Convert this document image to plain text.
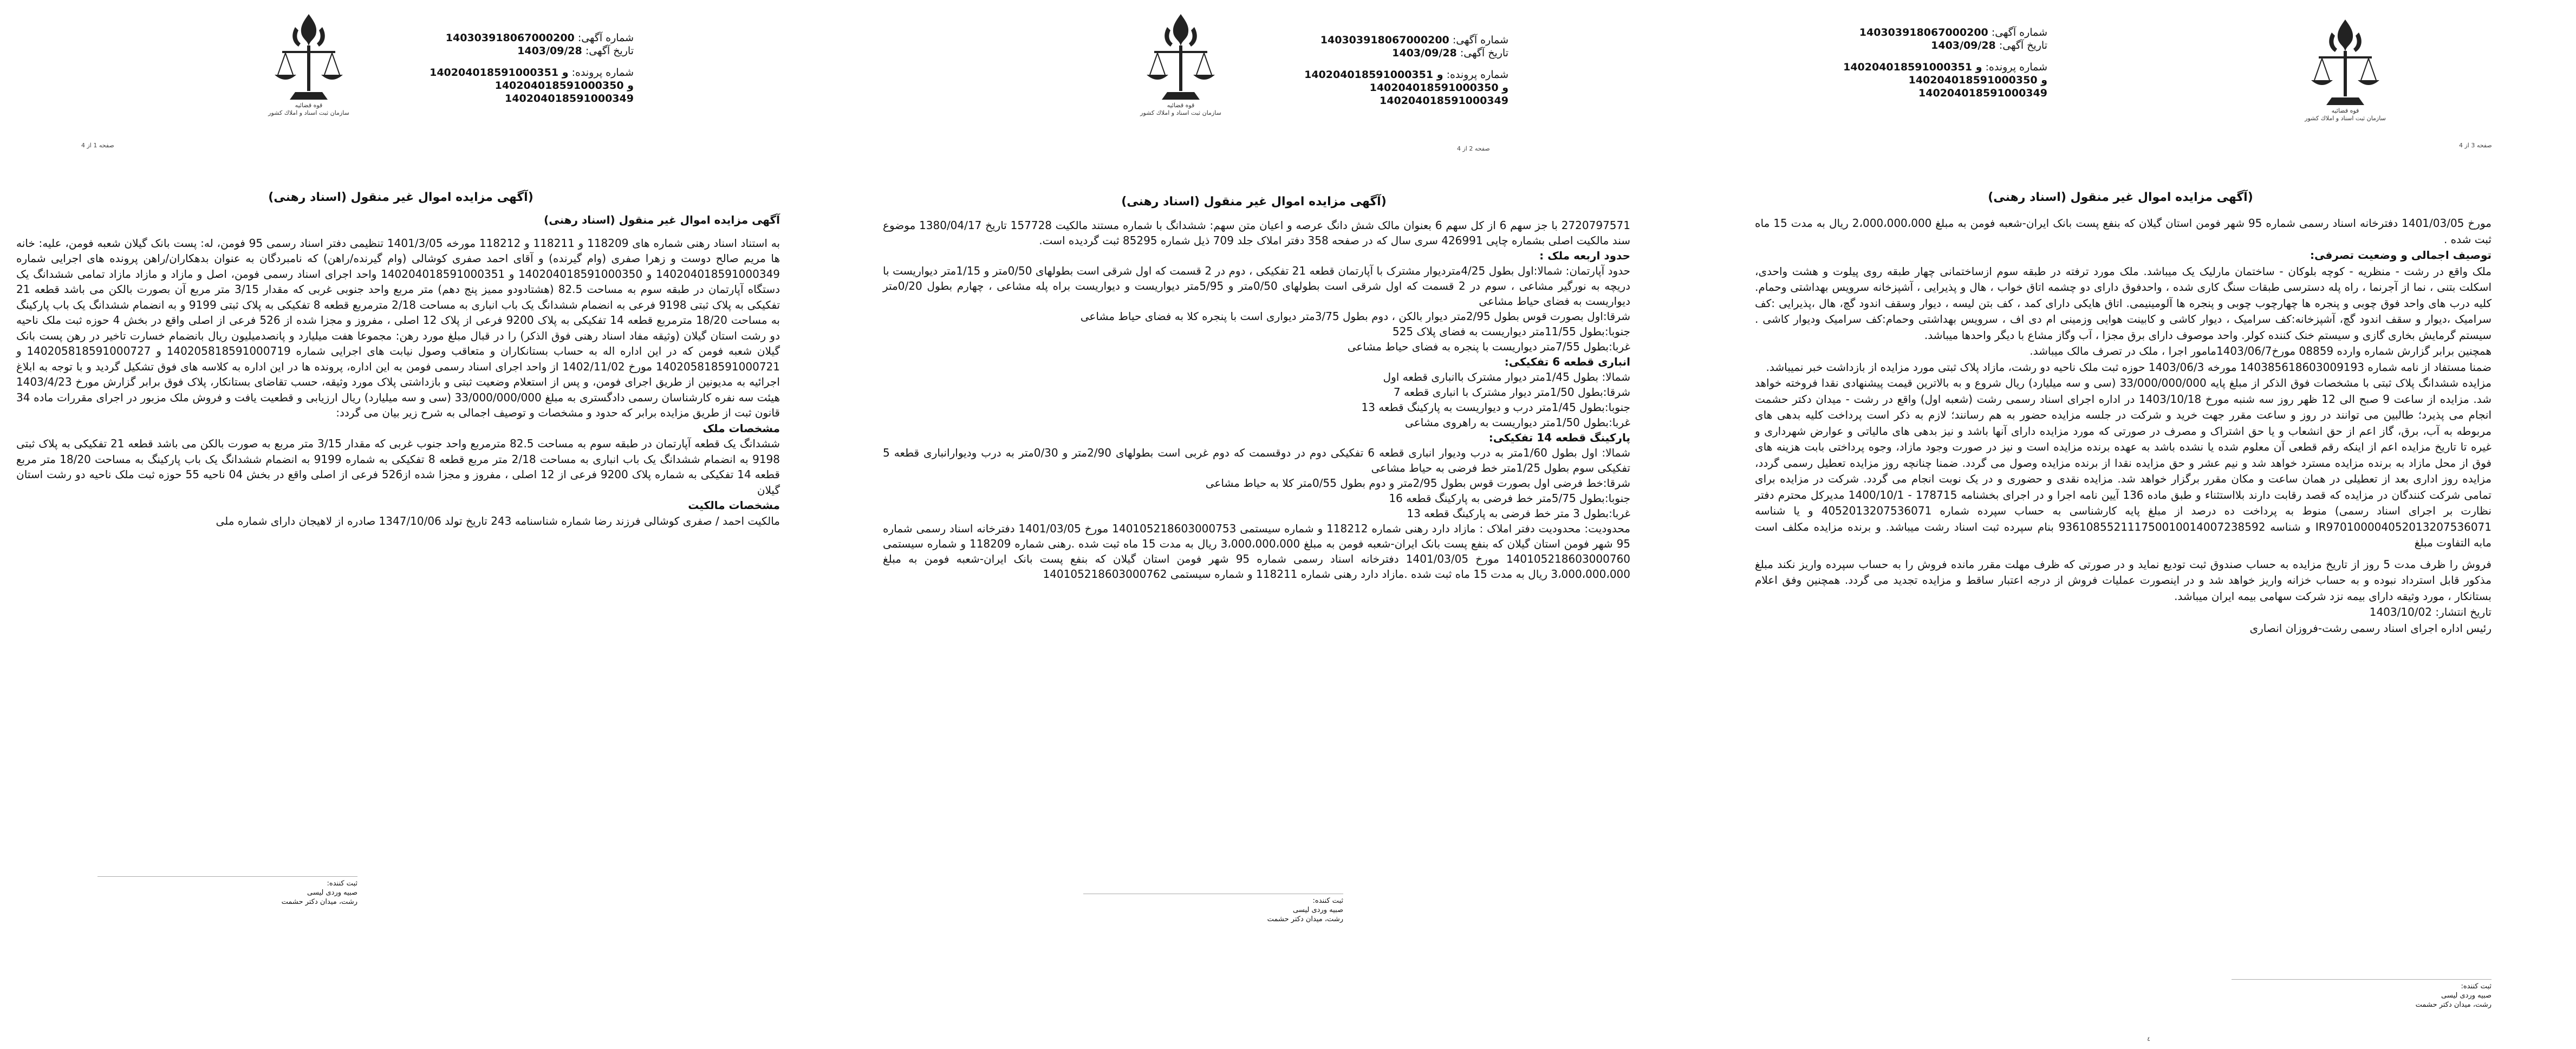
قوه قضائيه
سازمان ثبت اسناد و املاك كشور
شماره آگهی: 140303918067000200
تاریخ آگهی: 1403/09/28
شماره پرونده: 140204018591000351 و
140204018591000350 و
140204018591000349
صفحه 3 از 4
(آگهی مزایده اموال غیر منقول (اسناد رهنی)

مورخ 1401/03/05 دفترخانه اسناد رسمی شماره 95 شهر فومن استان گیلان که بنفع پست بانک ایران-شعبه فومن به مبلغ 2،000،000،000 ریال به مدت 15 ماه ثبت شده .

توصیف اجمالی و وضعیت تصرفی:

ملک واقع در رشت - منظریه - کوچه بلوکان - ساختمان مارلیک یک میباشد. ملک مورد ترفته در طبقه سوم ازساختمانی چهار طبقه روی پیلوت و هشت واحدی، اسکلت بتنی ، نما از آجرنما ، راه پله دسترسی طبقات سنگ کاری شده ، واحدفوق دارای دو چشمه اتاق خواب ، هال و پذیرایی ، آشپزخانه سرویس بهداشتی وحمام. کلیه درب های واحد فوق چوبی و پنجره ها چهارچوب چوبی و پنجره ها آلومینیمی. اتاق هایکی دارای کمد ، کف بتن لیسه ، دیوار وسقف اندود گچ، هال ،پذیرایی :کف سرامیک ،دیوار و سقف اندود گچ، آشپزخانه:کف سرامیک ، دیوار کاشی و کابینت هوایی وزمینی ام دی اف ، سرویس بهداشتی وحمام:کف سرامیک ودیوار کاشی . سیستم گرمایش بخاری گازی و سیستم خنک کننده کولر. واحد موصوف دارای برق مجزا ، آب وگاز مشاع با دیگر واحدها میباشد.

همچنین برابر گزارش شماره وارده 08859 مورخ1403/06/7مامور اجرا ، ملک در تصرف مالک میباشد.

ضمنا مستفاد از نامه شماره 140385618603009193 مورخه 1403/06/3 حوزه ثبت ملک ناحیه دو رشت، مازاد پلاک ثبتی مورد مزایده از بازداشت خبر نمیباشد.

مزایده ششدانگ پلاک ثبتی با مشخصات فوق الذکر از مبلغ پایه 33/000/000/000 (سی و سه میلیارد) ریال شروع و به بالاترین قیمت پیشنهادی نقدا فروخته خواهد شد. مزایده از ساعت 9 صبح الی 12 ظهر روز سه شنبه مورخ 1403/10/18 در اداره اجرای اسناد رسمی رشت (شعبه اول) واقع در رشت - میدان دکتر حشمت انجام می پذیرد؛ طالبین می توانند در روز و ساعت مقرر جهت خرید و شرکت در جلسه مزایده حضور به هم رسانند؛ لازم به ذکر است پرداخت کلیه بدهی های مربوطه به آب، برق، گاز اعم از حق انشعاب و یا حق اشتراک و مصرف در صورتی که مورد مزایده دارای آنها باشد و نیز بدهی های مالیاتی و عوارض شهرداری و غیره تا تاریخ مزایده اعم از اینکه رقم قطعی آن معلوم شده یا نشده باشد به عهده برنده مزایده است و نیز در صورت وجود مازاد، وجوه پرداختی بابت هزینه های فوق از محل مازاد به برنده مزایده مسترد خواهد شد و نیم عشر و حق مزایده نقدا از برنده مزایده وصول می گردد. ضمنا چنانچه روز مزایده تعطیل رسمی گردد، مزایده روز اداری بعد از تعطیلی در همان ساعت و مکان مقرر برگزار خواهد شد. مزایده نقدی و حضوری و در یک نوبت انجام می گردد. شرکت در مزایده برای تمامی شرکت کنندگان در مزایده که قصد رقابت دارند بلااستثناء و طبق ماده 136 آیین نامه اجرا و در اجرای بخشنامه 178715 - 1400/10/1 مدیرکل محترم دفتر نظارت بر اجرای اسناد رسمی) منوط به پرداخت ده درصد از مبلغ پایه کارشناسی به حساب سپرده شماره 4052013207536071 و یا شناسه IR970100004052013207536071 و شناسه 936108552111750010014007238592 بنام سپرده ثبت اسناد رشت میباشد. و برنده مزایده مکلف است مابه التفاوت مبلغ

فروش را ظرف مدت 5 روز از تاریخ مزایده به حساب صندوق ثبت تودیع نماید و در صورتی که ظرف مهلت مقرر مانده فروش را به حساب سپرده واریز نکند مبلغ مذکور قابل استرداد نبوده و به حساب خزانه واریز خواهد شد و در اینصورت عملیات فروش از درجه اعتبار ساقط و مزایده تجدید می گردد. همچنین وفق اعلام بستانکار ، مورد وثیقه دارای بیمه نزد شرکت سهامی بیمه ایران میباشد.

تاریخ انتشار: 1403/10/02

رئیس اداره اجرای اسناد رسمی رشت-فروزان انصاری

ثبت کننده:
صبیه وردی لیسی
رشت، میدان دکتر حشمت
٤
قوه قضائيه
سازمان ثبت اسناد و املاك كشور
شماره آگهی: 140303918067000200
تاریخ آگهی: 1403/09/28
شماره پرونده: 140204018591000351 و
140204018591000350 و
140204018591000349
صفحه 2 از 4
(آگهی مزایده اموال غیر منقول (اسناد رهنی)

2720797571 با جز سهم 6 از کل سهم 6 بعنوان مالک شش دانگ عرصه و اعیان متن سهم: ششدانگ با شماره مستند مالکیت 157728 تاریخ 1380/04/17 موضوع سند مالکیت اصلی بشماره چاپی 426991 سری سال که در صفحه 358 دفتر املاک جلد 709 ذیل شماره 85295 ثبت گردیده است.

حدود اربعه ملک :

حدود آپارتمان: شمالا:اول بطول 4/25متردیوار مشترک با آپارتمان قطعه 21 تفکیکی ، دوم در 2 قسمت که اول شرقی است بطولهای 0/50متر و 1/15متر دیواریست با دریچه به نورگیر مشاعی ، سوم در 2 قسمت که اول شرقی است بطولهای 0/50متر و 5/95متر دیواریست و دیواریست براه پله مشاعی ، چهارم بطول 0/20متر دیواریست به فضای حیاط مشاعی

شرقا:اول بصورت قوس بطول 2/95متر دیوار بالکن ، دوم بطول 3/75متر دیواری است با پنجره کلا به فضای حیاط مشاعی

جنوبا:بطول 11/55متر دیواریست به فضای پلاک 525

غربا:بطول 7/55متر دیواریست با پنجره به فضای حیاط مشاعی

انباری قطعه 6 تفکیکی:

شمالا: بطول 1/45متر دیوار مشترک باانباری قطعه اول

شرقا:بطول 1/50متر دیوار مشترک با انباری قطعه 7

جنوبا:بطول 1/45متر درب و دیواریست به پارکینگ قطعه 13

غربا:بطول 1/50متر دیواریست به راهروی مشاعی

پارکینگ قطعه 14 تفکیکی:

شمالا: اول بطول 1/60متر به درب ودیوار انباری قطعه 6 تفکیکی دوم در دوقسمت که دوم غربی است بطولهای 2/90متر و 0/30متر به درب ودیوارانباری قطعه 5 تفکیکی سوم بطول 1/25متر خط فرضی به حیاط مشاعی

شرقا:خط فرضی اول بصورت قوس بطول 2/95متر و دوم بطول 0/55متر کلا به حیاط مشاعی

جنوبا:بطول 5/75متر خط فرضی به پارکینگ قطعه 16

غربا:بطول 3 متر خط فرضی به پارکینگ قطعه 13

محدودیت: محدودیت دفتر املاک : مازاد دارد رهنی شماره 118212 و شماره سیستمی 140105218603000753 مورخ 1401/03/05 دفترخانه اسناد رسمی شماره 95 شهر فومن استان گیلان که بنفع پست بانک ایران-شعبه فومن به مبلغ 3،000،000،000 ریال به مدت 15 ماه ثبت شده .رهنی شماره 118209 و شماره سیستمی 140105218603000760 مورخ 1401/03/05 دفترخانه اسناد رسمی شماره 95 شهر فومن استان گیلان که بنفع پست بانک ایران-شعبه فومن به مبلغ 3،000،000،000 ریال به مدت 15 ماه ثبت شده .مازاد دارد رهنی شماره 118211 و شماره سیستمی 140105218603000762

ثبت کننده:
صبیه وردی لیسی
رشت، میدان دکتر حشمت
قوه قضائيه
سازمان ثبت اسناد و املاك كشور
شماره آگهی: 140303918067000200
تاریخ آگهی: 1403/09/28
شماره پرونده: 140204018591000351 و
140204018591000350 و
140204018591000349
صفحه 1 از 4
(آگهی مزایده اموال غیر منقول (اسناد رهنی)

آگهی مزایده اموال غیر منقول (اسناد رهنی)

به استناد اسناد رهنی شماره های 118209 و 118211 و 118212 مورخه 1401/3/05 تنظیمی دفتر اسناد رسمی 95 فومن، له: پست بانک گیلان شعبه فومن، علیه: خانه ها مریم صالح دوست و زهرا صفری (وام گیرنده) و آقای احمد صفری کوشالی (وام گیرنده/راهن) که نامبردگان به عنوان بدهکاران/راهن پرونده های اجرایی شماره 140204018591000349 و 140204018591000350 و 140204018591000351 واحد اجرای اسناد رسمی فومن، اصل و مازاد و مازاد مازاد تمامی ششدانگ یک دستگاه آپارتمان در طبقه سوم به مساحت 82.5 (هشتادودو ممیز پنج دهم) متر مربع واحد جنوبی غربی که مقدار 3/15 متر مربع آن بصورت بالکن می باشد قطعه 21 تفکیکی به پلاک ثبتی 9198 فرعی به انضمام ششدانگ یک باب انباری به مساحت 2/18 مترمربع قطعه 8 تفکیکی به پلاک ثبتی 9199 و به انضمام ششدانگ یک باب پارکینگ به مساحت 18/20 مترمربع قطعه 14 تفکیکی به پلاک 9200 فرعی از پلاک 12 اصلی ، مفروز و مجزا شده از 526 فرعی از اصلی واقع در بخش 4 حوزه ثبت ملک ناحیه دو رشت استان گیلان (وثیقه مفاد اسناد رهنی فوق الذکر) را در قبال مبلغ مورد رهن: مجموعا هفت میلیارد و پانصدمیلیون ریال بانضمام خسارت تاخیر در رهن پست بانک گیلان شعبه فومن که در این اداره اله به حساب بستانکاران و متعاقب وصول نیابت های اجرایی شماره 140205818591000719 و 140205818591000727 و 140205818591000721 مورخ 1402/11/02 از واحد اجرای اسناد رسمی فومن به این اداره، پرونده ها در این اداره به کلاسه های فوق تشکیل گردید و با توجه به ابلاغ اجرائیه به مدیونین از طریق اجرای فومن، و پس از استعلام وضعیت ثبتی و بازداشتی پلاک مورد وثیقه، حسب تقاضای بستانکار، پلاک فوق برابر گزارش مورخ 1403/4/23 هیئت سه نفره کارشناسان رسمی دادگستری به مبلغ 33/000/000/000 (سی و سه میلیارد) ریال ارزیابی و قطعیت یافت و فروش ملک مزبور در اجرای مقررات ماده 34 قانون ثبت از طریق مزایده برابر که حدود و مشخصات و توصیف اجمالی به شرح زیر بیان می گردد:

مشخصات ملک

ششدانگ یک قطعه آپارتمان در طبقه سوم به مساحت 82.5 مترمربع واحد جنوب غربی که مقدار 3/15 متر مربع به صورت بالکن می باشد قطعه 21 تفکیکی به پلاک ثبتی 9198 به انضمام ششدانگ یک باب انباری به مساحت 2/18 متر مربع قطعه 8 تفکیکی به شماره 9199 به انضمام ششدانگ یک باب پارکینگ به مساحت 18/20 متر مربع قطعه 14 تفکیکی به شماره پلاک 9200 فرعی از 12 اصلی ، مفروز و مجزا شده از526 فرعی از اصلی واقع در بخش 04 ناحیه 55 حوزه ثبت ملک ناحیه دو رشت استان گیلان

مشخصات مالکیت

مالکیت احمد / صفری کوشالی فرزند رضا شماره شناسنامه 243 تاریخ تولد 1347/10/06 صادره از لاهیجان دارای شماره ملی

ثبت کننده:
صبیه وردی لیسی
رشت، میدان دکتر حشمت
